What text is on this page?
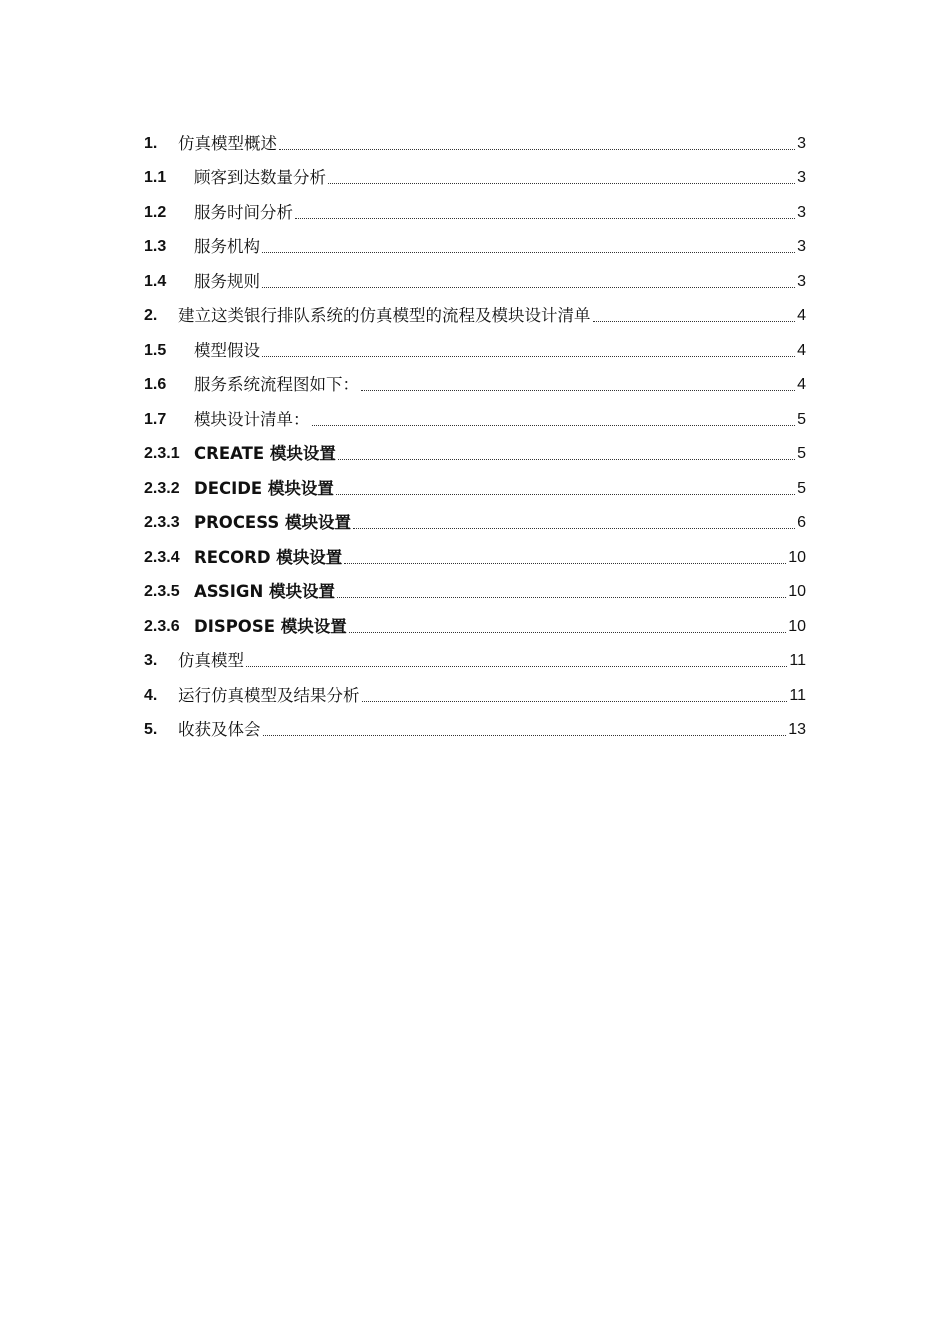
1.	仿真模型概述	3
1.1	顾客到达数量分析	3
1.2	服务时间分析	3
1.3	服务机构	3
1.4	服务规则	3
2.	建立这类银行排队系统的仿真模型的流程及模块设计清单	4
1.5	模型假设	4
1.6	服务系统流程图如下：	4
1.7	模块设计清单：	5
2.3.1 CREATE 模块设置	5
2.3.2 DECIDE 模块设置	5
2.3.3 PROCESS 模块设置	6
2.3.4 RECORD 模块设置	10
2.3.5 ASSIGN 模块设置	10
2.3.6 DISPOSE 模块设置	10
3.	仿真模型	11
4.	运行仿真模型及结果分析	11
5.	收获及体会	13
